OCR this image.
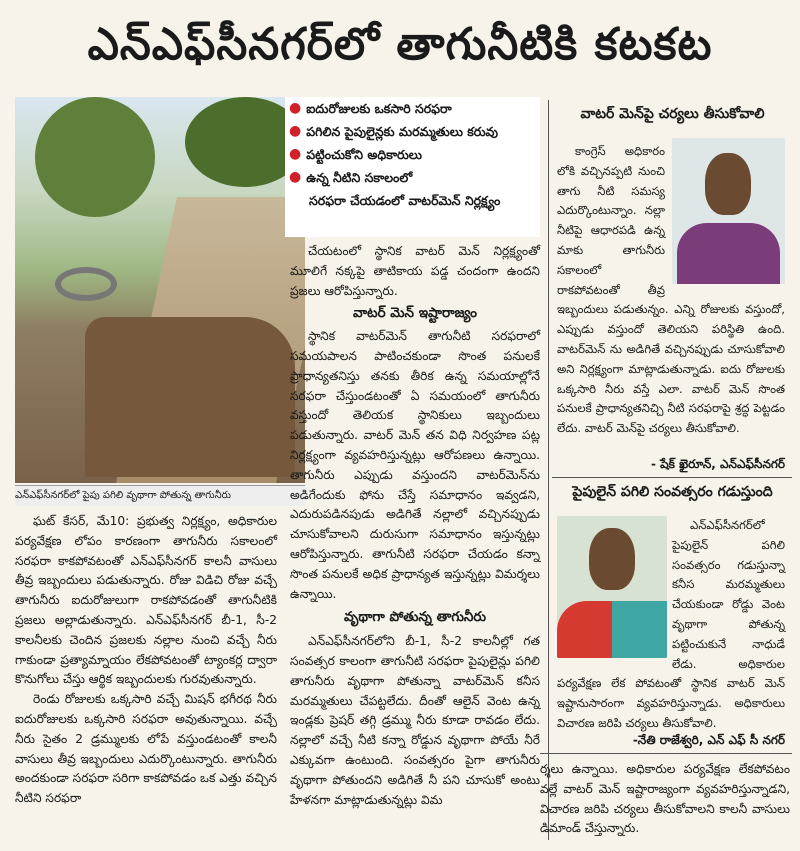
ఎన్ఎఫ్‌సీనగర్‌లో తాగునీటికి కటకట
ఎన్ఎఫ్‌సీనగర్‌లో పైపు పగిలి వృథాగా పోతున్న తాగునీరు
● ఐదురోజులకు ఒకసారి సరఫరా
● పగిలిన పైపులైన్లకు మరమ్మతులు కరువు
● పట్టించుకోని అధికారులు
● ఉన్న నీటిని సకాలంలో
సరఫరా చేయడంలో వాటర్‌మెన్ నిర్లక్ష్యం

ఘట్ కేసర్, మే10: ప్రభుత్వ నిర్లక్ష్యం, అధికారుల పర్యవేక్షణ లోపం కారణంగా తాగునీరు సకాలంలో సరఫరా కాకపోవటంతో ఎన్ఎఫ్‌సీనగర్ కాలనీ వాసులు తీవ్ర ఇబ్బందులు పడుతున్నారు. రోజు విడిచి రోజు వచ్చే తాగునీరు ఐదురోజులుగా రాకపోవడంతో తాగునీటికి ప్రజలు అల్లాడుతున్నారు. ఎన్ఎఫ్‌సీనగర్ బీ-1, సీ-2 కాలనీలకు చెందిన ప్రజలకు నల్లాల నుంచి వచ్చే నీరు గాకుండా ప్రత్యామ్నాయం లేకపోవటంతో ట్యాంకర్ల ద్వారా కొనుగోలు చేస్తు ఆర్థిక ఇబ్బందులకు గురవుతున్నారు.

రెండు రోజులకు ఒక్కసారి వచ్చే మిషన్ భగీరథ నీరు ఐదురోజులకు ఒక్కసారి సరఫరా అవుతున్నాయి. వచ్చే నీరు సైతం 2 డ్రమ్ములకు లోపే వస్తుండటంతో కాలనీ వాసులు తీవ్ర ఇబ్బందులు ఎదుర్కొంటున్నారు. తాగునీరు అందకుండా సరఫరా సరిగా కాకపోవడం ఒక ఎత్తు వచ్చిన నీటిని సరఫరా

చేయటంలో స్థానిక వాటర్ మెన్ నిర్లక్ష్యంతో మూలిగే నక్కపై తాటికాయ పడ్డ చందంగా ఉందని ప్రజలు ఆరోపిస్తున్నారు.

వాటర్ మెన్ ఇష్టారాజ్యం

స్థానిక వాటర్‌మెన్ తాగునీటి సరఫరాలో సమయపాలన పాటించకుండా సొంత పనులకే ప్రాధాన్యతనిస్తు తనకు తీరిక ఉన్న సమయాల్లోనే సరఫరా చేస్తుండటంతో ఏ సమయంలో తాగునీరు వస్తుందో తెలియక స్థానికులు ఇబ్బందులు పడుతున్నారు. వాటర్ మెన్ తన విధి నిర్వహణ పట్ల నిర్లక్ష్యంగా వ్యవహరిస్తున్నట్లు ఆరోపణలు ఉన్నాయి. తాగునీరు ఎప్పుడు వస్తుందని వాటర్‌మెన్‌ను అడిగేందుకు ఫోను చేస్తే సమాధానం ఇవ్వడని, ఎదురుపడినపుడు అడిగితే నల్లాలో వచ్చినప్పుడు చూసుకోవాలని దురుసుగా సమాధానం ఇస్తున్నట్లు ఆరోపిస్తున్నారు. తాగునీటి సరఫరా చేయడం కన్నా సొంత పనులకే అధిక ప్రాధాన్యత ఇస్తున్నట్లు విమర్శలు ఉన్నాయి.

వృథాగా పోతున్న తాగునీరు

ఎన్ఎఫ్‌సీనగర్‌లోని బీ-1, సీ-2 కాలనీల్లో గత సంవత్సర కాలంగా తాగునీటి సరఫరా పైపులైన్లు పగిలి తాగునీరు వృథాగా పోతున్నా వాటర్‌మెన్ కనీస మరమ్మతులు చేపట్టలేదు. దీంతో ఆలైన్ వెంట ఉన్న ఇండ్లకు ప్రెషర్ తగ్గి డ్రమ్ము నీరు కూడా రావడం లేదు. నల్లాలో వచ్చే నీటి కన్నా రోడ్డున వృథాగా పోయే నీరే ఎక్కువగా ఉంటుంది. సంవత్సరం పైగా తాగునీరు వృథాగా పోతుందని అడిగితే నీ పని చూసుకో అంటు హేళనగా మాట్లాడుతున్నట్లు విమ

వాటర్ మెన్‌పై చర్యలు తీసుకోవాలి

కాంగ్రెస్ అధికారం లోకి వచ్చినప్పటి నుంచి తాగు నీటి సమస్య ఎదుర్కొంటున్నాం. నల్లా నీటిపై ఆధారపడి ఉన్న మాకు తాగునీరు సకాలంలో రాకపోవటంతో తీవ్ర ఇబ్బందులు పడుతున్నం. ఎన్ని రోజులకు వస్తుందో, ఎప్పుడు వస్తుందో తెలియని పరిస్థితి ఉంది. వాటర్‌మెన్ ను అడిగితే వచ్చినప్పుడు చూసుకోవాలి అని నిర్లక్ష్యంగా మాట్లాడుతున్నాడు. ఐదు రోజులకు ఒక్కసారి నీరు వస్తే ఎలా. వాటర్ మెన్ సొంత పనులకే ప్రాధాన్యతనిచ్చి నీటి సరఫరాపై శ్రద్ధ పెట్టడం లేదు. వాటర్ మెన్‌పై చర్యలు తీసుకోవాలి.

- షేక్ ఖైరూన్, ఎన్ఎఫ్‌సీనగర్
పైపులైన్ పగిలి సంవత్సరం గడుస్తుంది

ఎన్ఎఫ్‌సీనగర్‌లో పైపులైన్ పగిలి సంవత్సరం గడుస్తున్నా కనీస మరమ్మతులు చేయకుండా రోడ్డు వెంట వృథాగా పోతున్న పట్టించుకునే నాధుడే లేడు. అధికారుల పర్యవేక్షణ లేక పోవటంతో స్థానిక వాటర్ మెన్ ఇష్టానుసారంగా వ్యవహరిస్తున్నాడు. అధికారులు విచారణ జరిపి చర్యలు తీసుకోవాలి.

-నేతి రాజేశ్వరి, ఎన్ ఎఫ్ సీ నగర్

ర్శలు ఉన్నాయి. అధికారుల పర్యవేక్షణ లేకపోవటం వల్లే వాటర్ మెన్ ఇష్టారాజ్యంగా వ్యవహరిస్తున్నాడని, విచారణ జరిపి చర్యలు తీసుకోవాలని కాలనీ వాసులు డిమాండ్ చేస్తున్నారు.
